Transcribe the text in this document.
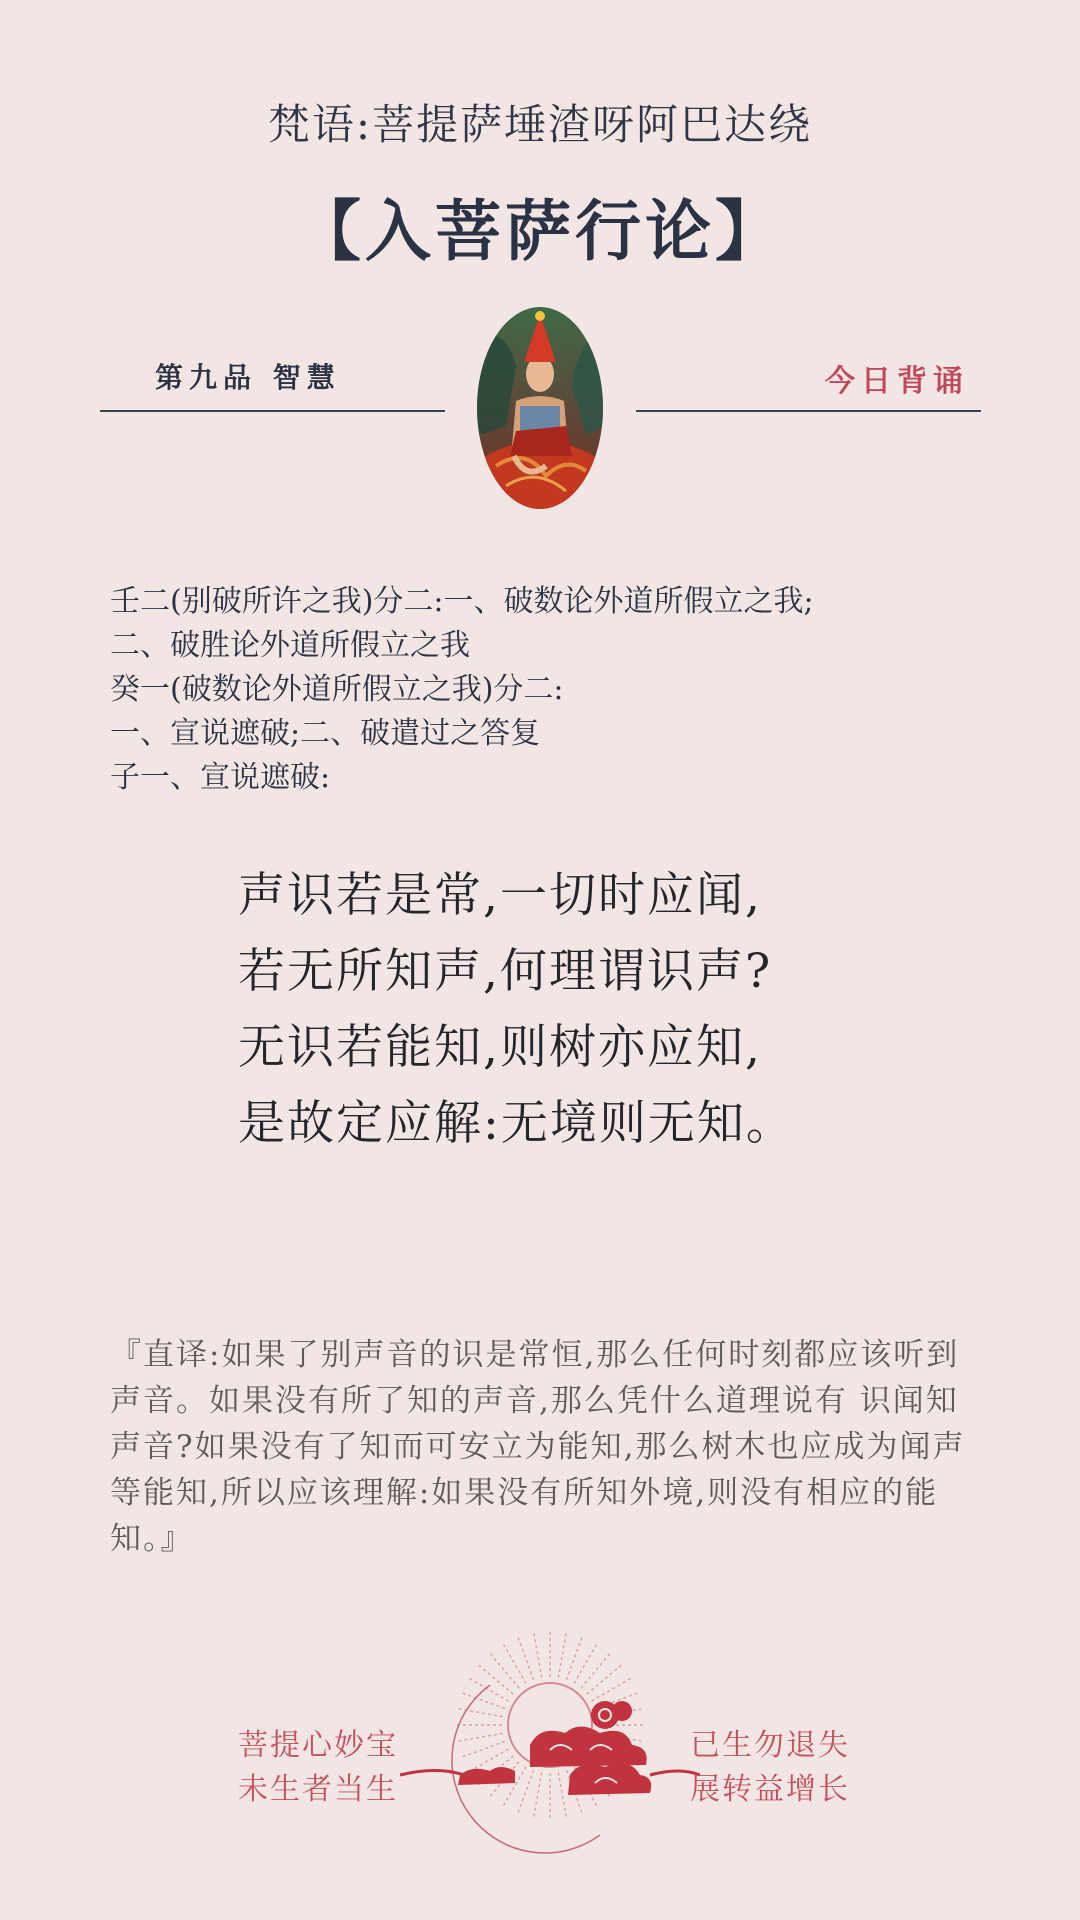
梵语:菩提萨埵渣呀阿巴达绕
【入菩萨行论】
第九品 智慧	今日背诵
壬二(别破所许之我)分二:一、破数论外道所假立之我;
二、破胜论外道所假立之我
癸一(破数论外道所假立之我)分二:
一、宣说遮破;二、破遣过之答复
子一、宣说遮破:
声识若是常,一切时应闻,
若无所知声,何理谓识声?
无识若能知,则树亦应知,
是故定应解:无境则无知。
『直译:如果了别声音的识是常恒,那么任何时刻都应该听到声音。如果没有所了知的声音,那么凭什么道理说有 识闻知声音?如果没有了知而可安立为能知,那么树木也应成为闻声等能知,所以应该理解:如果没有所知外境,则没有相应的能知。』
菩提心妙宝
未生者当生
已生勿退失
展转益增长
